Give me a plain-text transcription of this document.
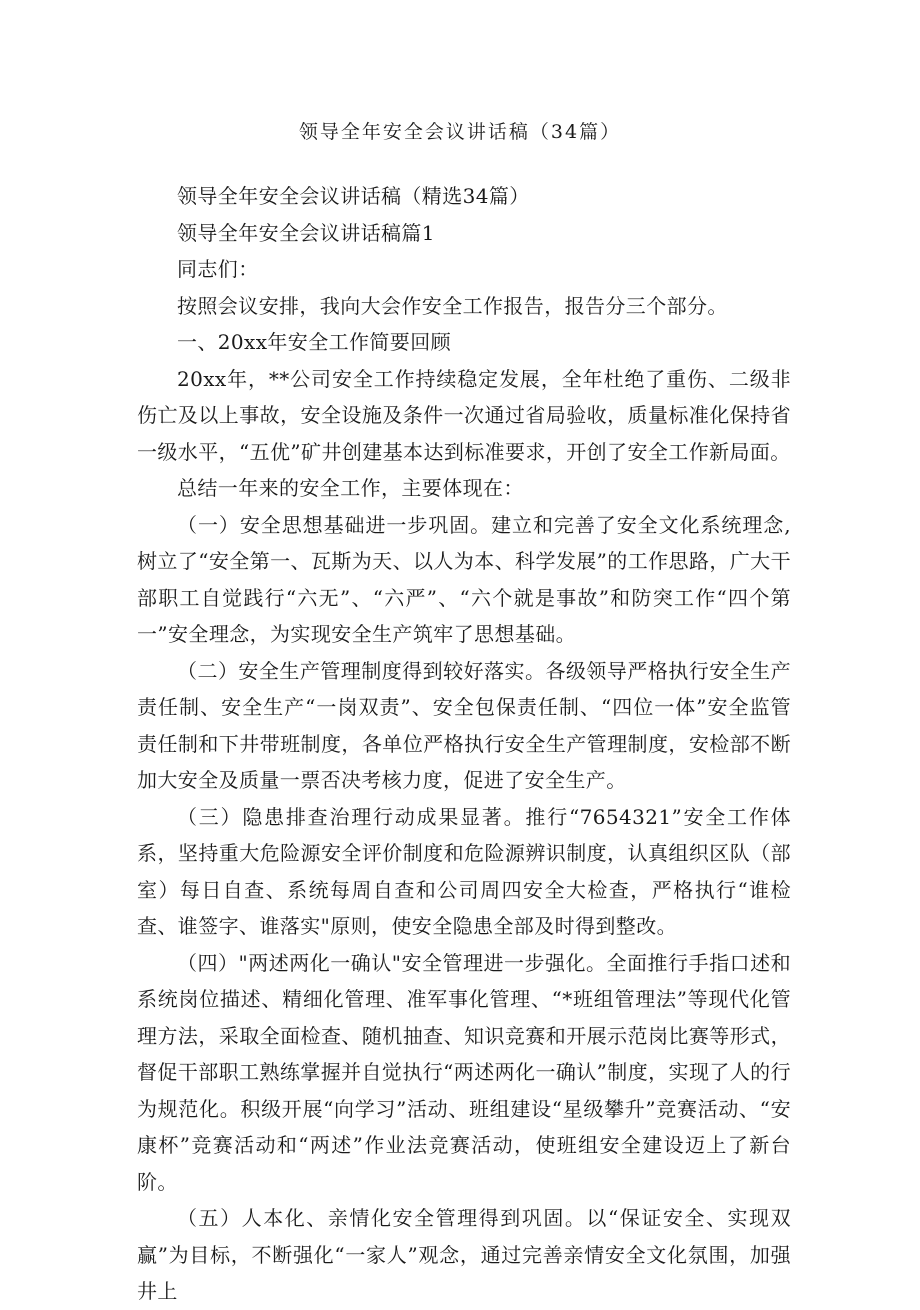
领导全年安全会议讲话稿（34篇）

领导全年安全会议讲话稿（精选34篇）

领导全年安全会议讲话稿篇1

同志们：

按照会议安排，我向大会作安全工作报告，报告分三个部分。

一、20xx年安全工作简要回顾

20xx年，**公司安全工作持续稳定发展，全年杜绝了重伤、二级非伤亡及以上事故，安全设施及条件一次通过省局验收，质量标准化保持省一级水平，“五优”矿井创建基本达到标准要求，开创了安全工作新局面。

总结一年来的安全工作，主要体现在：

（一）安全思想基础进一步巩固。建立和完善了安全文化系统理念,树立了“安全第一、瓦斯为天、以人为本、科学发展”的工作思路，广大干部职工自觉践行“六无”、“六严”、“六个就是事故”和防突工作“四个第一”安全理念，为实现安全生产筑牢了思想基础。

（二）安全生产管理制度得到较好落实。各级领导严格执行安全生产责任制、安全生产“一岗双责”、安全包保责任制、“四位一体”安全监管责任制和下井带班制度，各单位严格执行安全生产管理制度，安检部不断加大安全及质量一票否决考核力度，促进了安全生产。

（三）隐患排查治理行动成果显著。推行“7654321”安全工作体系，坚持重大危险源安全评价制度和危险源辨识制度，认真组织区队（部室）每日自查、系统每周自查和公司周四安全大检查，严格执行“谁检查、谁签字、谁落实"原则，使安全隐患全部及时得到整改。

（四）"两述两化一确认"安全管理进一步强化。全面推行手指口述和系统岗位描述、精细化管理、准军事化管理、“*班组管理法”等现代化管理方法，采取全面检查、随机抽查、知识竞赛和开展示范岗比赛等形式，督促干部职工熟练掌握并自觉执行“两述两化一确认”制度，实现了人的行为规范化。积级开展“向学习”活动、班组建设“星级攀升”竞赛活动、“安康杯”竞赛活动和“两述”作业法竞赛活动，使班组安全建设迈上了新台阶。

（五）人本化、亲情化安全管理得到巩固。以“保证安全、实现双赢”为目标，不断强化“一家人”观念，通过完善亲情安全文化氛围，加强井上
